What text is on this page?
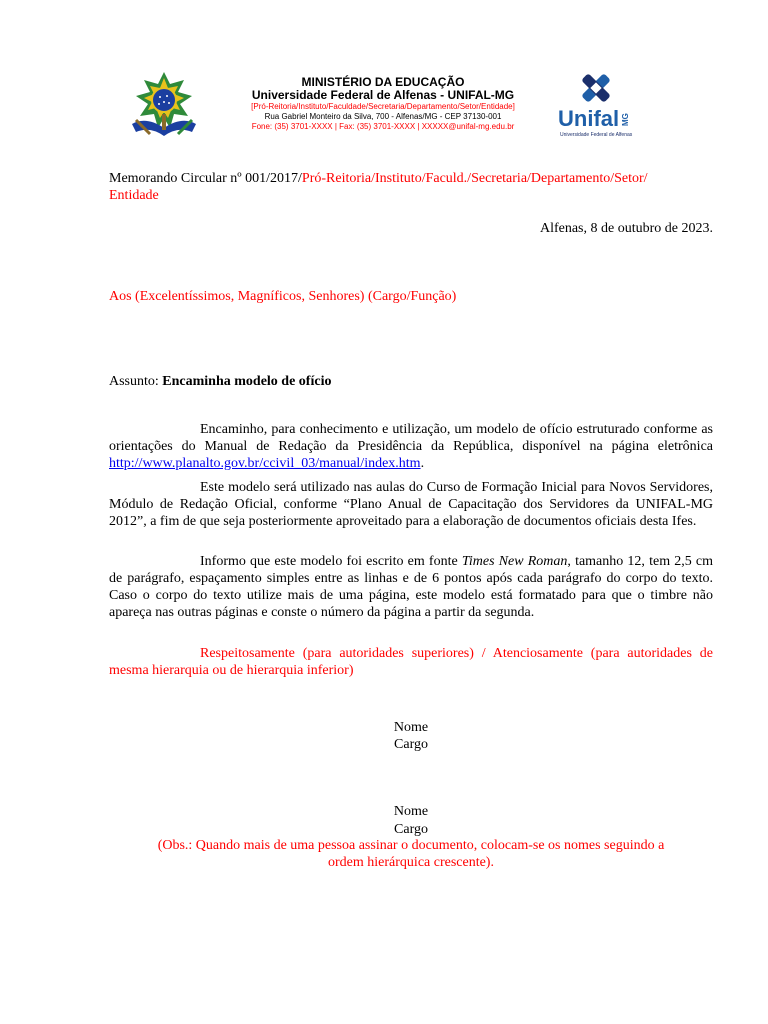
MINISTÉRIO DA EDUCAÇÃO
Universidade Federal de Alfenas - UNIFAL-MG
[Pró-Reitoria/Instituto/Faculdade/Secretaria/Departamento/Setor/Entidade]
Rua Gabriel Monteiro da Silva, 700 - Alfenas/MG - CEP 37130-001
Fone: (35) 3701-XXXX | Fax: (35) 3701-XXXX | XXXXX@unifal-mg.edu.br	Unifal MG
Universidade Federal de Alfenas
Memorando Circular nº 001/2017/Pró-Reitoria/Instituto/Faculd./Secretaria/Departamento/Setor/
Entidade
Alfenas, 8 de outubro de 2023.
Aos (Excelentíssimos, Magníficos, Senhores) (Cargo/Função)
Assunto: Encaminha modelo de ofício

Encaminho, para conhecimento e utilização, um modelo de ofício estruturado conforme as orientações do Manual de Redação da Presidência da República, disponível na página eletrônica http://www.planalto.gov.br/ccivil_03/manual/index.htm.

Este modelo será utilizado nas aulas do Curso de Formação Inicial para Novos Servidores, Módulo de Redação Oficial, conforme “Plano Anual de Capacitação dos Servidores da UNIFAL-MG 2012”, a fim de que seja posteriormente aproveitado para a elaboração de documentos oficiais desta Ifes.

Informo que este modelo foi escrito em fonte Times New Roman, tamanho 12, tem 2,5 cm de parágrafo, espaçamento simples entre as linhas e de 6 pontos após cada parágrafo do corpo do texto. Caso o corpo do texto utilize mais de uma página, este modelo está formatado para que o timbre não apareça nas outras páginas e conste o número da página a partir da segunda.

Respeitosamente (para autoridades superiores) / Atenciosamente (para autoridades de mesma hierarquia ou de hierarquia inferior)

Nome
Cargo
Nome
Cargo
(Obs.: Quando mais de uma pessoa assinar o documento, colocam-se os nomes seguindo a
ordem hierárquica crescente).
